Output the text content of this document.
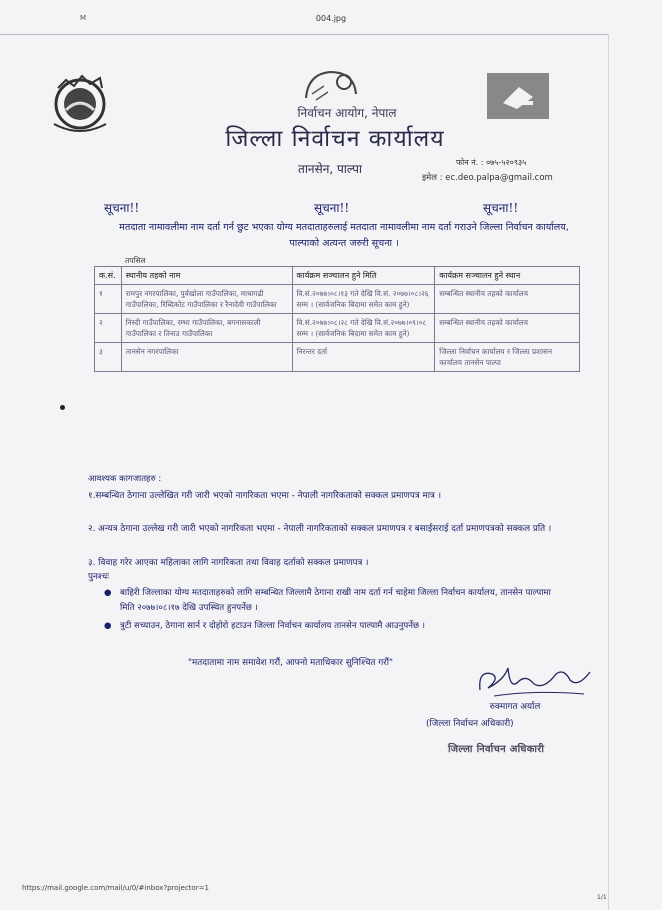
M	004.jpg
निर्वाचन आयोग, नेपाल
जिल्ला निर्वाचन कार्यालय
तानसेन, पाल्पा	फोन नं. : ०७५-५२०९३५
इमेल : ec.deo.palpa@gmail.com
सूचना!!	सूचना!!	सूचना!!
मतदाता नामावलीमा नाम दर्ता गर्न छुट भएका योग्य मतदाताहरुलाई मतदाता नामावलीमा नाम दर्ता गराउने जिल्ला निर्वाचन कार्यालय, पाल्पाको अत्यन्त जरुरी सूचना ।
तपसिल
क.सं.	स्थानीय तहको नाम	कार्यक्रम सञ्चालन हुने मिति	कार्यक्रम सञ्चालन हुने स्थान
१	रामपुर नगरपालिका, पुर्वखोला गाउँपालिका, माथागढी गाउँपालिका, रिब्दिकोट गाउँपालिका र रैनादेवी गाउँपालिका	वि.सं.२०७७।०८।१३ गते देखि वि.सं. २०७७।०८।२६ सम्म । (सार्वजनिक बिदामा समेत काम हुने)	सम्बन्धित स्थानीय तहको कार्यालय
२	निस्दी गाउँपालिका, रम्भा गाउँपालिका, बगनासकाली गाउँपालिका र तिनाउ गाउँपालिका	वि.सं.२०७७।०८।२८ गते देखि वि.सं.२०७७।०९।०८ सम्म । (सार्वजनिक बिदामा समेत काम हुने)	सम्बन्धित स्थानीय तहको कार्यालय
३	तानसेन नगरपालिका	निरन्तर दर्ता	जिल्ला निर्वाचन कार्यालय र जिल्ला प्रशासन कार्यालय तानसेन पाल्पा
आवश्यक कागजातहरु :
१.सम्बन्धित ठेगाना उल्लेखित गरी जारी भएको नागरिकता भएमा - नेपाली नागरिकताको सक्कल प्रमाणपत्र मात्र ।
२. अन्यत्र ठेगाना उल्लेख गरी जारी भएको नागरिकता भएमा - नेपाली नागरिकताको सक्कल प्रमाणपत्र र बसाईसराई दर्ता प्रमाणपत्रको सक्कल प्रति ।
३. विवाह गरेर आएका महिलाका लागि नागरिकता तथा विवाह दर्ताको सक्कल प्रमाणपत्र ।
पुनश्चः
● बाहिरी जिल्लाका योग्य मतदाताहरुको लागि सम्बन्धित जिल्लामै ठेगाना राखी नाम दर्ता गर्न चाहेमा जिल्ला निर्वाचन कार्यालय, तानसेन पाल्पामा मिति २०७७।०८।१७ देखि उपस्थित हुनपर्नेछ ।
● त्रुटी सच्याउन, ठेगाना सार्न र दोहोरो हटाउन जिल्ला निर्वाचन कार्यालय तानसेन पाल्पामै आउनुपर्नेछ ।
"मतदातामा नाम समावेश गरौं, आफ्नो मताधिकार सुनिश्चित गरौं"
रुक्मागत अर्याल
(जिल्ला निर्वाचन अधिकारी)
जिल्ला निर्वाचन अधिकारी
https://mail.google.com/mail/u/0/#inbox?projector=1
1/1
